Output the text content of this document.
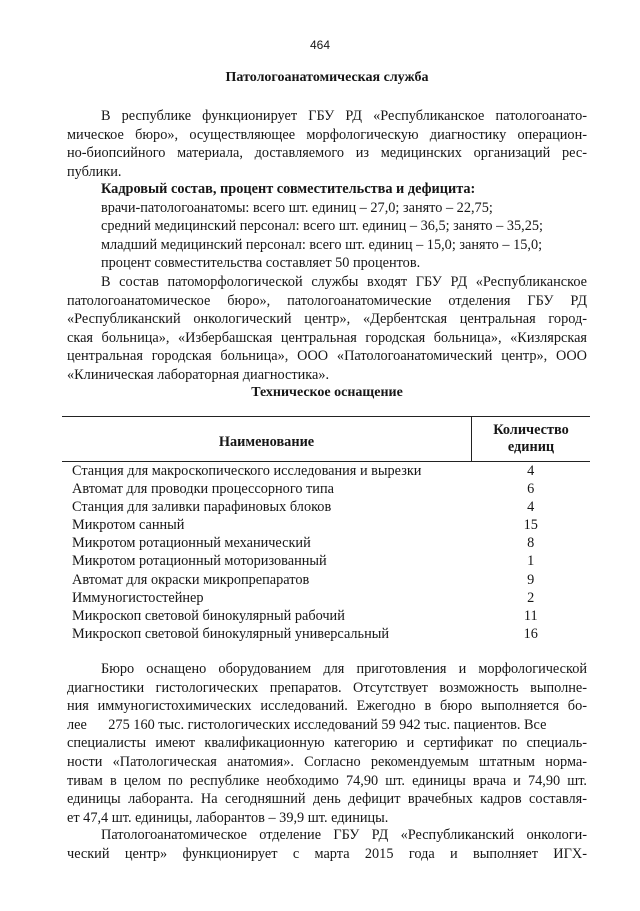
464
Патологоанатомическая служба
В республике функционирует ГБУ РД «Республиканское патологоанато-
мическое бюро», осуществляющее морфологическую диагностику операцион-
но-биопсийного материала, доставляемого из медицинских организаций рес-
публики.
Кадровый состав, процент совместительства и дефицита:
врачи-патологоанатомы: всего шт. единиц – 27,0; занято – 22,75;
средний медицинский персонал: всего шт. единиц – 36,5; занято – 35,25;
младший медицинский персонал: всего шт. единиц – 15,0; занято – 15,0;
процент совместительства составляет 50 процентов.
В состав патоморфологической службы входят ГБУ РД «Республиканское
патологоанатомическое бюро», патологоанатомические отделения ГБУ РД
«Республиканский онкологический центр», «Дербентская центральная город-
ская больница», «Избербашская центральная городская больница», «Кизлярская
центральная городская больница», ООО «Патологоанатомический центр», ООО
«Клиническая лабораторная диагностика».
Техническое оснащение
Наименование	Количество
единиц

Станция для макроскопического исследования и вырезки	4
Автомат для проводки процессорного типа	6
Станция для заливки парафиновых блоков	4
Микротом санный	15
Микротом ротационный механический	8
Микротом ротационный моторизованный	1
Автомат для окраски микропрепаратов	9
Иммуногистостейнер	2
Микроскоп световой бинокулярный рабочий	11
Микроскоп световой бинокулярный универсальный	16
Бюро оснащено оборудованием для приготовления и морфологической
диагностики гистологических препаратов. Отсутствует возможность выполне-
ния иммуногистохимических исследований. Ежегодно в бюро выполняется бо-
лее      275 160 тыс. гистологических исследований 59 942 тыс. пациентов. Все
специалисты имеют квалификационную категорию и сертификат по специаль-
ности «Патологическая анатомия». Согласно рекомендуемым штатным норма-
тивам в целом по республике необходимо 74,90 шт. единицы врача и 74,90 шт.
единицы лаборанта. На сегодняшний день дефицит врачебных кадров составля-
ет 47,4 шт. единицы, лаборантов – 39,9 шт. единицы.
Патологоанатомическое отделение ГБУ РД «Республиканский онкологи-
ческий центр» функционирует с марта 2015 года и выполняет ИГХ-
